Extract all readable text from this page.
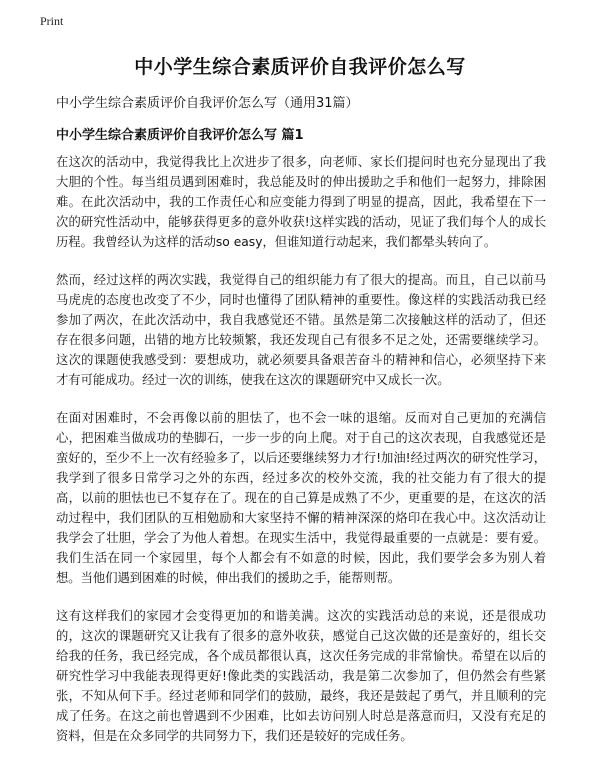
Print
中小学生综合素质评价自我评价怎么写
中小学生综合素质评价自我评价怎么写（通用31篇）
中小学生综合素质评价自我评价怎么写 篇1

在这次的活动中，我觉得我比上次进步了很多，向老师、家长们提问时也充分显现出了我大胆的个性。每当组员遇到困难时，我总能及时的伸出援助之手和他们一起努力，排除困难。在此次活动中，我的工作责任心和应变能力得到了明显的提高，因此，我希望在下一次的研究性活动中，能够获得更多的意外收获!这样实践的活动，见证了我们每个人的成长历程。我曾经认为这样的活动so easy，但谁知道行动起来，我们都晕头转向了。

然而，经过这样的两次实践，我觉得自己的组织能力有了很大的提高。而且，自己以前马马虎虎的态度也改变了不少，同时也懂得了团队精神的重要性。像这样的实践活动我已经参加了两次，在此次活动中，我自我感觉还不错。虽然是第二次接触这样的活动了，但还存在很多问题，出错的地方比较频繁，我还发现自己有很多不足之处，还需要继续学习。这次的课题使我感受到：要想成功，就必须要具备艰苦奋斗的精神和信心，必须坚持下来才有可能成功。经过一次的训练，使我在这次的课题研究中又成长一次。

在面对困难时，不会再像以前的胆怯了，也不会一味的退缩。反而对自己更加的充满信心，把困难当做成功的垫脚石，一步一步的向上爬。对于自己的这次表现，自我感觉还是蛮好的，至少不上一次有经验多了，以后还要继续努力才行!加油!经过两次的研究性学习，我学到了很多日常学习之外的东西，经过多次的校外交流，我的社交能力有了很大的提高，以前的胆怯也已不复存在了。现在的自己算是成熟了不少，更重要的是，在这次的活动过程中，我们团队的互相勉励和大家坚持不懈的精神深深的烙印在我心中。这次活动让我学会了壮胆，学会了为他人着想。在现实生活中，我觉得最重要的一点就是：要有爱。我们生活在同一个家园里，每个人都会有不如意的时候，因此，我们要学会多为别人着想。当他们遇到困难的时候，伸出我们的援助之手，能帮则帮。

这有这样我们的家园才会变得更加的和谐美满。这次的实践活动总的来说，还是很成功的，这次的课题研究又让我有了很多的意外收获，感觉自己这次做的还是蛮好的，组长交给我的任务，我已经完成，各个成员都很认真，这次任务完成的非常愉快。希望在以后的研究性学习中我能表现得更好!像此类的实践活动，我是第二次参加了，但仍然会有些紧张，不知从何下手。经过老师和同学们的鼓励，最终，我还是鼓起了勇气，并且顺利的完成了任务。在这之前也曾遇到不少困难，比如去访问别人时总是落意而归，又没有充足的资料，但是在众多同学的共同努力下，我们还是较好的完成任务。
